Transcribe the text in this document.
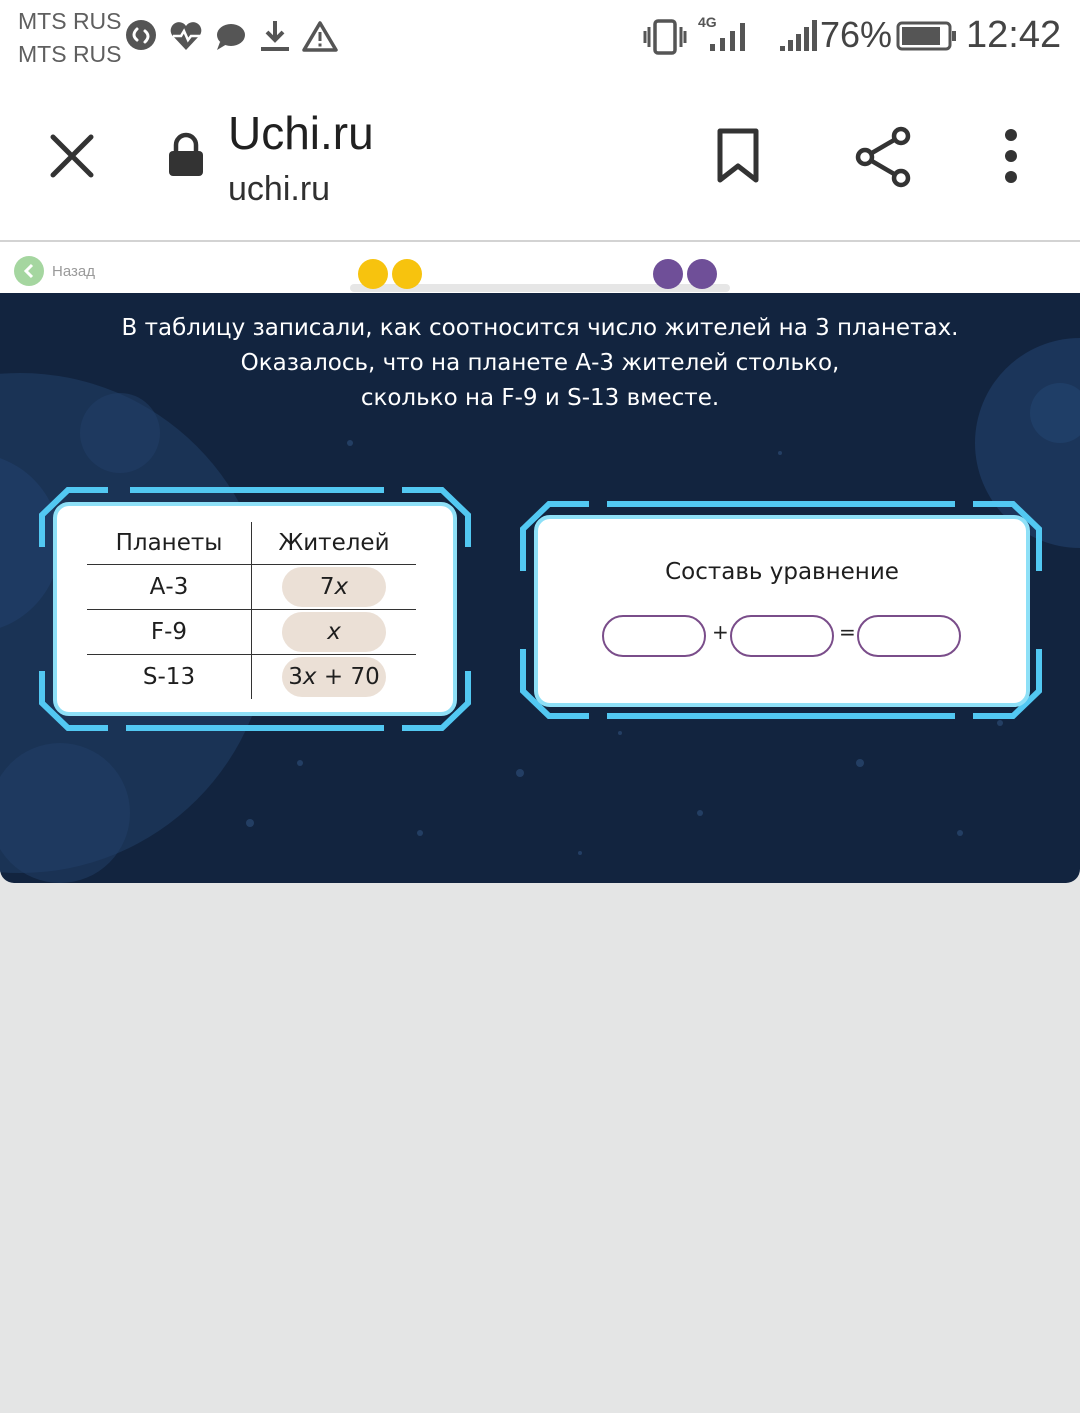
MTS RUS
MTS RUS
4G	76% 12:42
Uchi.ru
uchi.ru
Назад
В таблицу записали, как соотносится число жителей на 3 планетах.
Оказалось, что на планете А-3 жителей столько,
сколько на F-9 и S-13 вместе.
Планеты	Жителей
А-3	7x
F-9	x
S-13	3x + 70
Составь уравнение
+	=
